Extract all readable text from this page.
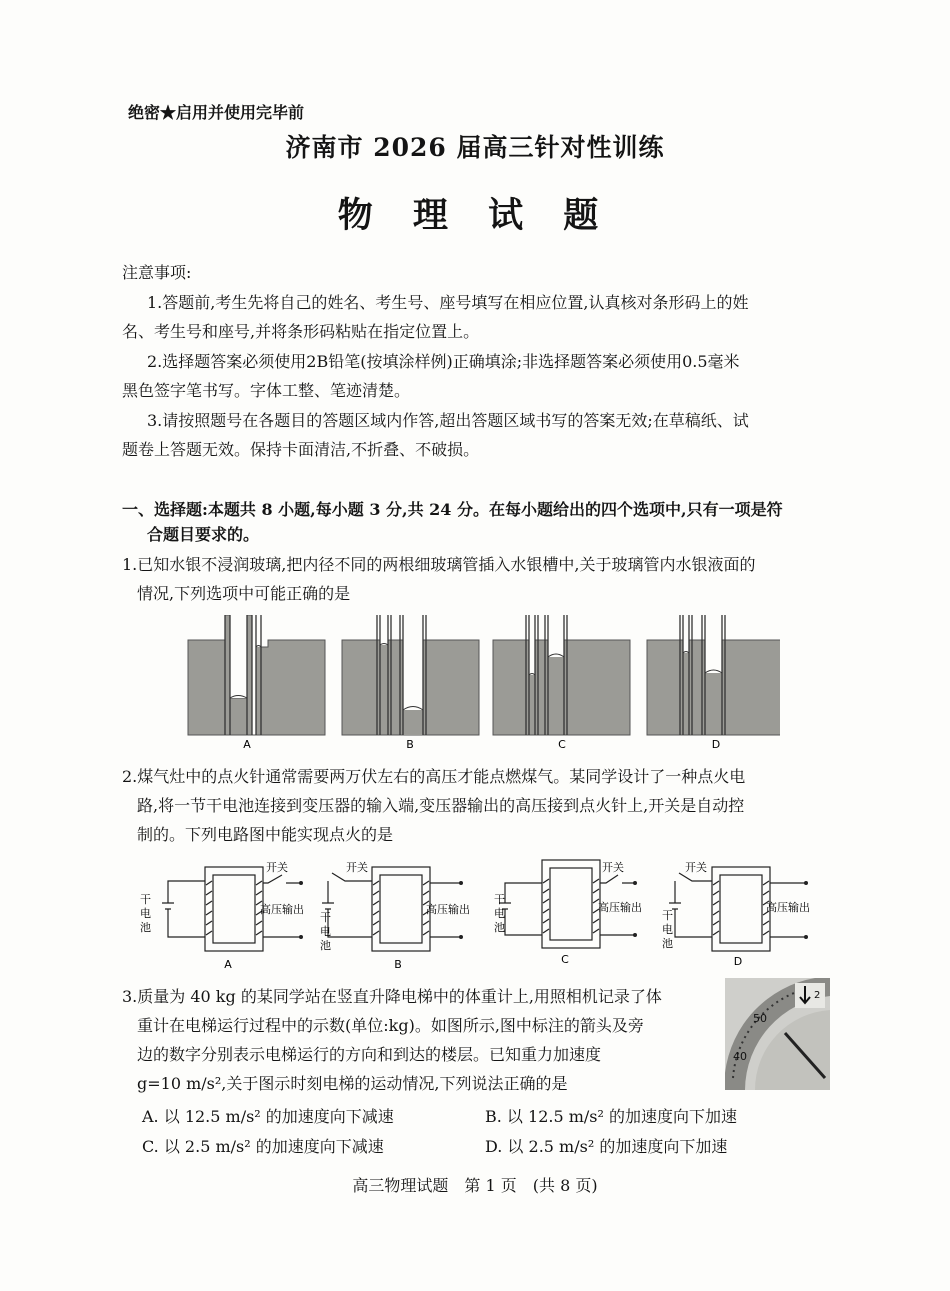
绝密★启用并使用完毕前
济南市 2026 届高三针对性训练
物 理 试 题
注意事项:
1.答题前,考生先将自己的姓名、考生号、座号填写在相应位置,认真核对条形码上的姓
名、考生号和座号,并将条形码粘贴在指定位置上。
2.选择题答案必须使用2B铅笔(按填涂样例)正确填涂;非选择题答案必须使用0.5毫米
黑色签字笔书写。字体工整、笔迹清楚。
3.请按照题号在各题目的答题区域内作答,超出答题区域书写的答案无效;在草稿纸、试
题卷上答题无效。保持卡面清洁,不折叠、不破损。
一、选择题:本题共 8 小题,每小题 3 分,共 24 分。在每小题给出的四个选项中,只有一项是符
合题目要求的。
1.已知水银不浸润玻璃,把内径不同的两根细玻璃管插入水银槽中,关于玻璃管内水银液面的
情况,下列选项中可能正确的是
A	B	C	D
2.煤气灶中的点火针通常需要两万伏左右的高压才能点燃煤气。某同学设计了一种点火电
路,将一节干电池连接到变压器的输入端,变压器输出的高压接到点火针上,开关是自动控
制的。下列电路图中能实现点火的是
开关
干
电
池
高压输出
A
开关
干
电
池
高压输出
B
开关
干
电
池
高压输出
C
开关
干
电
池
高压输出
D
3.质量为 40 kg 的某同学站在竖直升降电梯中的体重计上,用照相机记录了体
重计在电梯运行过程中的示数(单位:kg)。如图所示,图中标注的箭头及旁
边的数字分别表示电梯运行的方向和到达的楼层。已知重力加速度
g=10 m/s²,关于图示时刻电梯的运动情况,下列说法正确的是
50
40
2
A. 以 12.5 m/s² 的加速度向下减速	B. 以 12.5 m/s² 的加速度向下加速
C. 以 2.5 m/s² 的加速度向下减速	D. 以 2.5 m/s² 的加速度向下加速
高三物理试题　第 1 页　(共 8 页)
